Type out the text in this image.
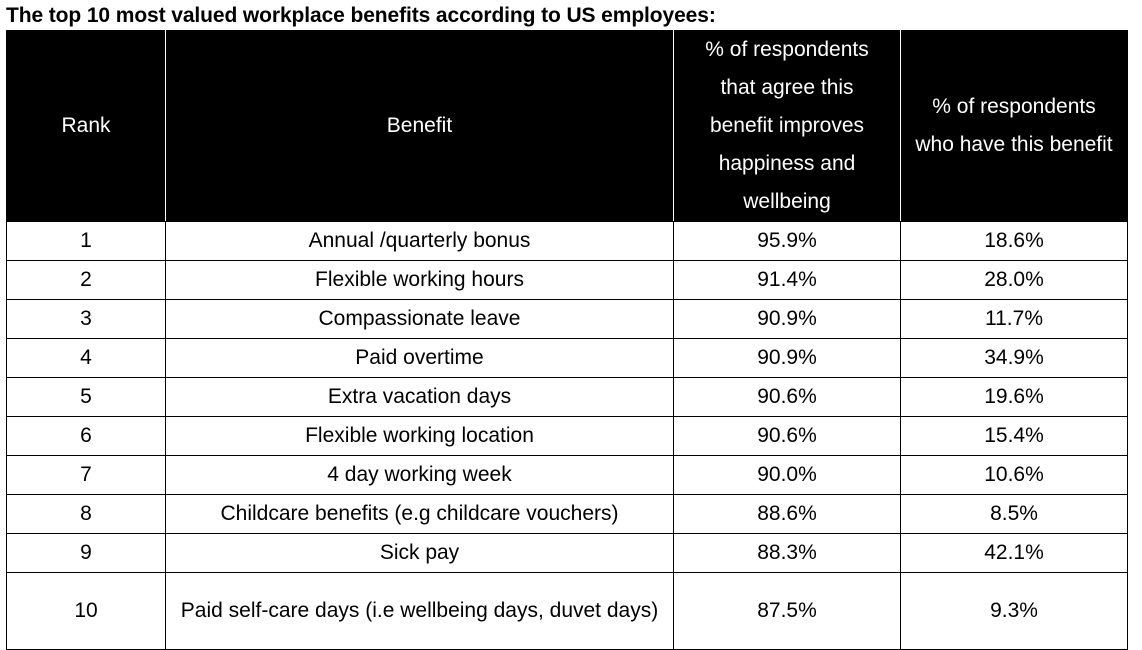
The top 10 most valued workplace benefits according to US employees:
Rank	Benefit	% of respondents that agree this benefit improves happiness and wellbeing	% of respondents who have this benefit
1	Annual /quarterly bonus	95.9%	18.6%
2	Flexible working hours	91.4%	28.0%
3	Compassionate leave	90.9%	11.7%
4	Paid overtime	90.9%	34.9%
5	Extra vacation days	90.6%	19.6%
6	Flexible working location	90.6%	15.4%
7	4 day working week	90.0%	10.6%
8	Childcare benefits (e.g childcare vouchers)	88.6%	8.5%
9	Sick pay	88.3%	42.1%
10	Paid self-care days (i.e wellbeing days, duvet days)	87.5%	9.3%
